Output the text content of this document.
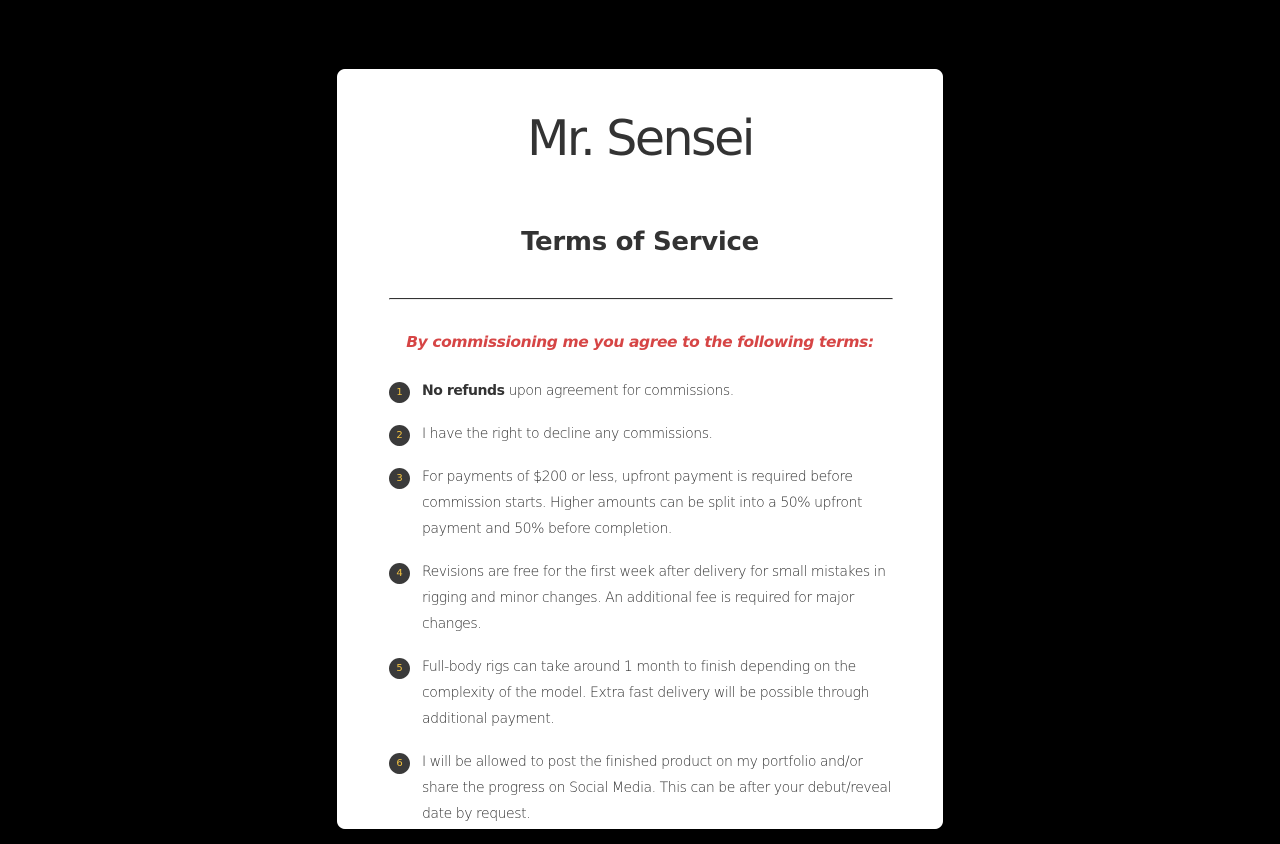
Mr. Sensei
Terms of Service

By commissioning me you agree to the following terms:

1	No refunds upon agreement for commissions.
2	I have the right to decline any commissions.
3	For payments of $200 or less, upfront payment is required before commission starts. Higher amounts can be split into a 50% upfront payment and 50% before completion.
4	Revisions are free for the first week after delivery for small mistakes in rigging and minor changes. An additional fee is required for major changes.
5	Full-body rigs can take around 1 month to finish depending on the complexity of the model. Extra fast delivery will be possible through additional payment.
6	I will be allowed to post the finished product on my portfolio and/or share the progress on Social Media. This can be after your debut/reveal date by request.
